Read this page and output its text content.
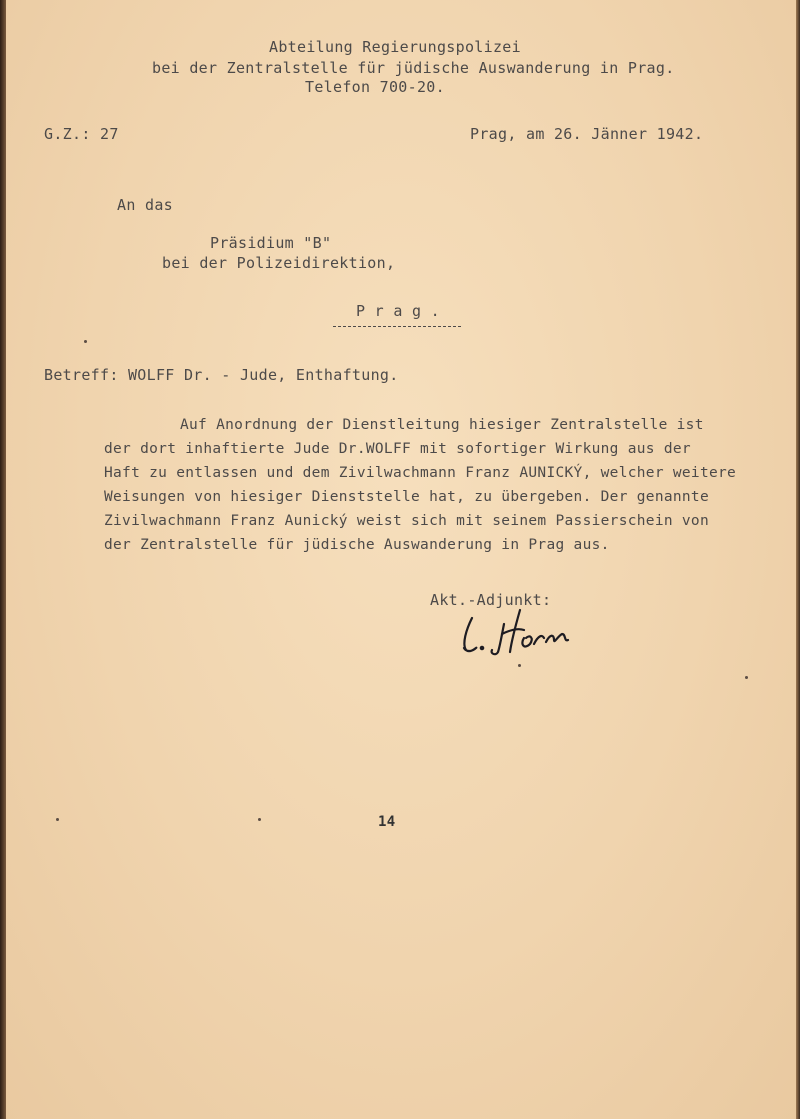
Abteilung Regierungspolizei
bei der Zentralstelle für jüdische Auswanderung in Prag.
Telefon 700-20.
G.Z.: 27	Prag, am 26. Jänner 1942.
An das
Präsidium "B"
bei der Polizeidirektion,
P r a g .
Betreff: WOLFF Dr. - Jude, Enthaftung.
Auf Anordnung der Dienstleitung hiesiger Zentralstelle ist
der dort inhaftierte Jude Dr.WOLFF mit sofortiger Wirkung aus der
Haft zu entlassen und dem Zivilwachmann Franz AUNICKÝ, welcher weitere
Weisungen von hiesiger Dienststelle hat, zu übergeben. Der genannte
Zivilwachmann Franz Aunický weist sich mit seinem Passierschein von
der Zentralstelle für jüdische Auswanderung in Prag aus.
Akt.-Adjunkt:
14
